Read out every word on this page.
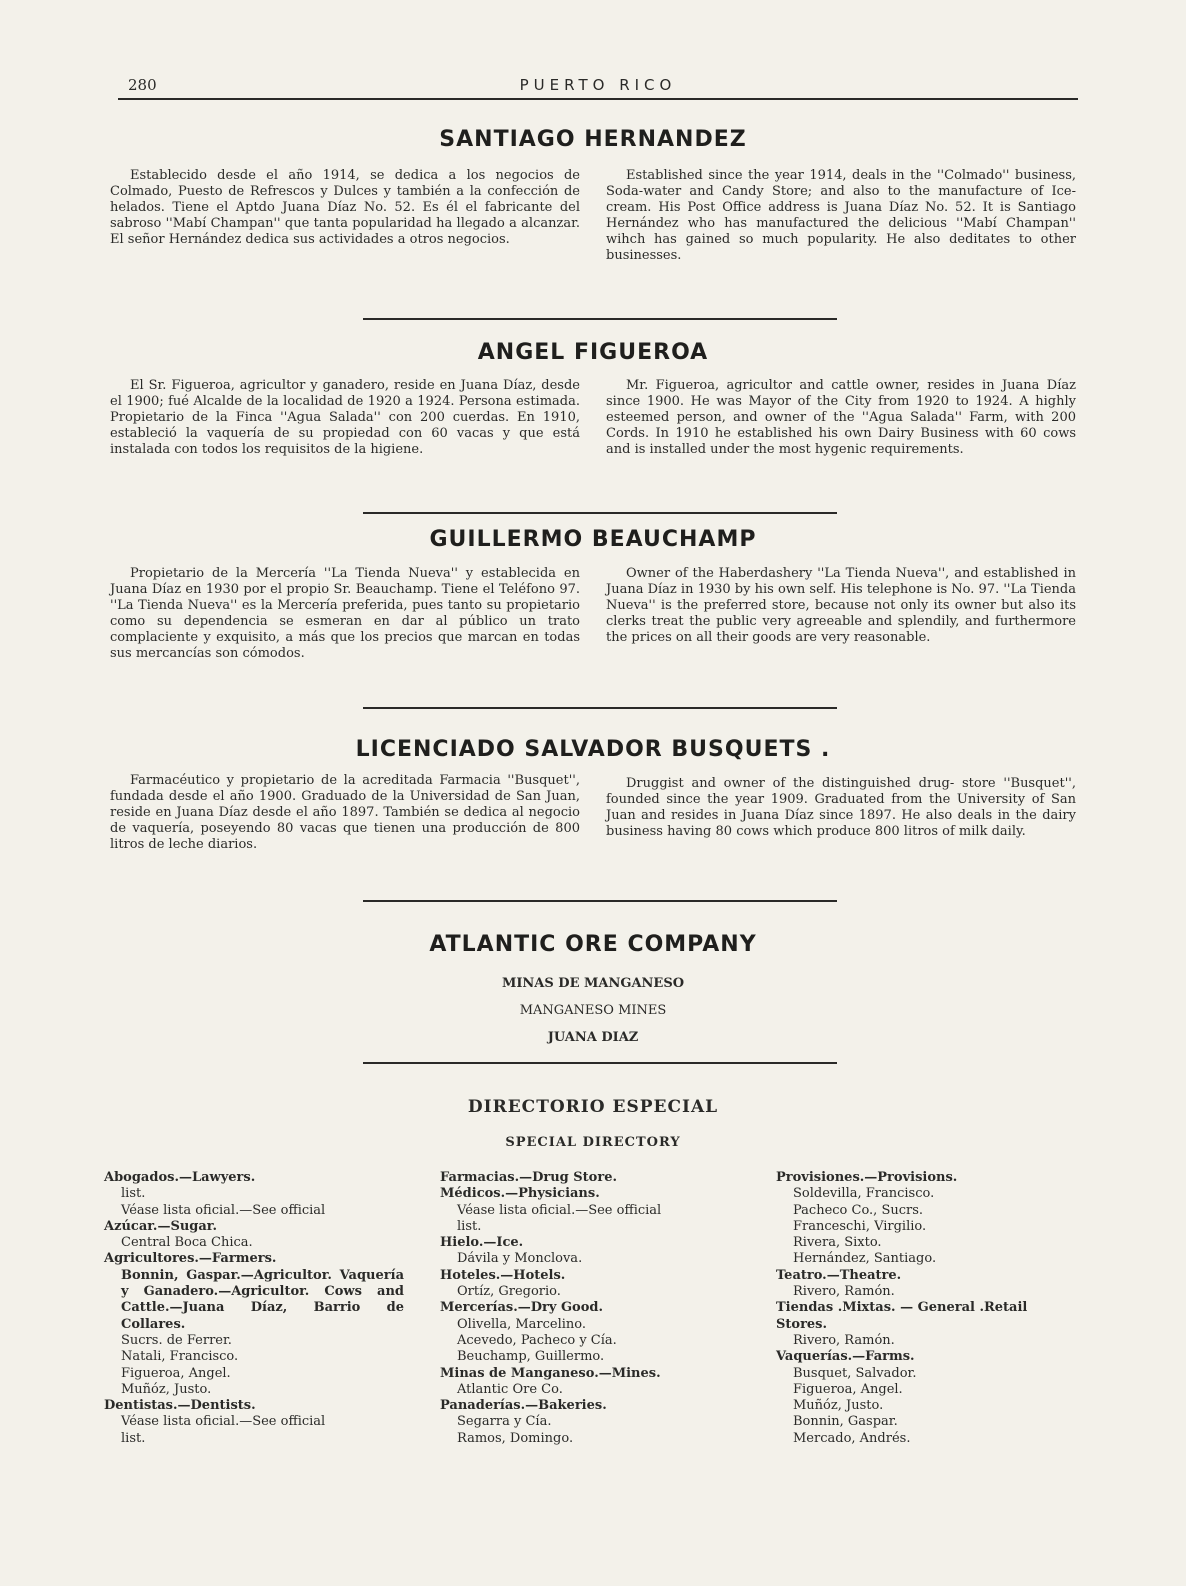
280	PUERTO RICO
SANTIAGO HERNANDEZ

Establecido desde el año 1914, se dedica a los negocios de Colmado, Puesto de Refrescos y Dulces y también a la confección de helados. Tiene el Aptdo Juana Díaz No. 52. Es él el fabricante del sabroso ''Mabí Champan'' que tanta popularidad ha llegado a alcanzar. El señor Hernández dedica sus actividades a otros negocios.

Established since the year 1914, deals in the ''Colmado'' business, Soda-water and Candy Store; and also to the manufacture of Ice-cream. His Post Office address is Juana Díaz No. 52. It is Santiago Hernández who has manufactured the delicious ''Mabí Champan'' wihch has gained so much popularity. He also deditates to other businesses.

ANGEL FIGUEROA

El Sr. Figueroa, agricultor y ganadero, reside en Juana Díaz, desde el 1900; fué Alcalde de la localidad de 1920 a 1924. Persona estimada. Propietario de la Finca ''Agua Salada'' con 200 cuerdas. En 1910, estableció la vaquería de su propiedad con 60 vacas y que está instalada con todos los requisitos de la higiene.

Mr. Figueroa, agricultor and cattle owner, resides in Juana Díaz since 1900. He was Mayor of the City from 1920 to 1924. A highly esteemed person, and owner of the ''Agua Salada'' Farm, with 200 Cords. In 1910 he established his own Dairy Business with 60 cows and is installed under the most hygenic requirements.

GUILLERMO BEAUCHAMP

Propietario de la Mercería ''La Tienda Nueva'' y establecida en Juana Díaz en 1930 por el propio Sr. Beauchamp. Tiene el Teléfono 97. ''La Tienda Nueva'' es la Mercería preferida, pues tanto su propietario como su dependencia se esmeran en dar al público un trato complaciente y exquisito, a más que los precios que marcan en todas sus mercancías son cómodos.

Owner of the Haberdashery ''La Tienda Nueva'', and established in Juana Díaz in 1930 by his own self. His telephone is No. 97. ''La Tienda Nueva'' is the preferred store, because not only its owner but also its clerks treat the public very agreeable and splendily, and furthermore the prices on all their goods are very reasonable.

LICENCIADO SALVADOR BUSQUETS .

Farmacéutico y propietario de la acreditada Farmacia ''Busquet'', fundada desde el año 1900. Graduado de la Universidad de San Juan, reside en Juana Díaz desde el año 1897. También se dedica al negocio de vaquería, poseyendo 80 vacas que tienen una producción de 800 litros de leche diarios.

Druggist and owner of the distinguished drug- store ''Busquet'', founded since the year 1909. Graduated from the University of San Juan and resides in Juana Díaz since 1897. He also deals in the dairy business having 80 cows which produce 800 litros of milk daily.

ATLANTIC ORE COMPANY

MINAS DE MANGANESO

MANGANESO MINES

JUANA DIAZ

DIRECTORIO ESPECIAL

SPECIAL DIRECTORY

Abogados.—Lawyers.
list.
Véase lista oficial.—See official
Azúcar.—Sugar.
Central Boca Chica.
Agricultores.—Farmers.
Bonnin, Gaspar.—Agricultor. Vaquería y Ganadero.—Agricultor. Cows and Cattle.—Juana Díaz, Barrio de Collares.
Sucrs. de Ferrer.
Natali, Francisco.
Figueroa, Angel.
Muñóz, Justo.
Dentistas.—Dentists.
Véase lista oficial.—See official
list.
Farmacias.—Drug Store.
Médicos.—Physicians.
Véase lista oficial.—See official
list.
Hielo.—Ice.
Dávila y Monclova.
Hoteles.—Hotels.
Ortíz, Gregorio.
Mercerías.—Dry Good.
Olivella, Marcelino.
Acevedo, Pacheco y Cía.
Beuchamp, Guillermo.
Minas de Manganeso.—Mines.
Atlantic Ore Co.
Panaderías.—Bakeries.
Segarra y Cía.
Ramos, Domingo.
Provisiones.—Provisions.
Soldevilla, Francisco.
Pacheco Co., Sucrs.
Franceschi, Virgilio.
Rivera, Sixto.
Hernández, Santiago.
Teatro.—Theatre.
Rivero, Ramón.
Tiendas .Mixtas. — General .Retail Stores.
Rivero, Ramón.
Vaquerías.—Farms.
Busquet, Salvador.
Figueroa, Angel.
Muñóz, Justo.
Bonnin, Gaspar.
Mercado, Andrés.
